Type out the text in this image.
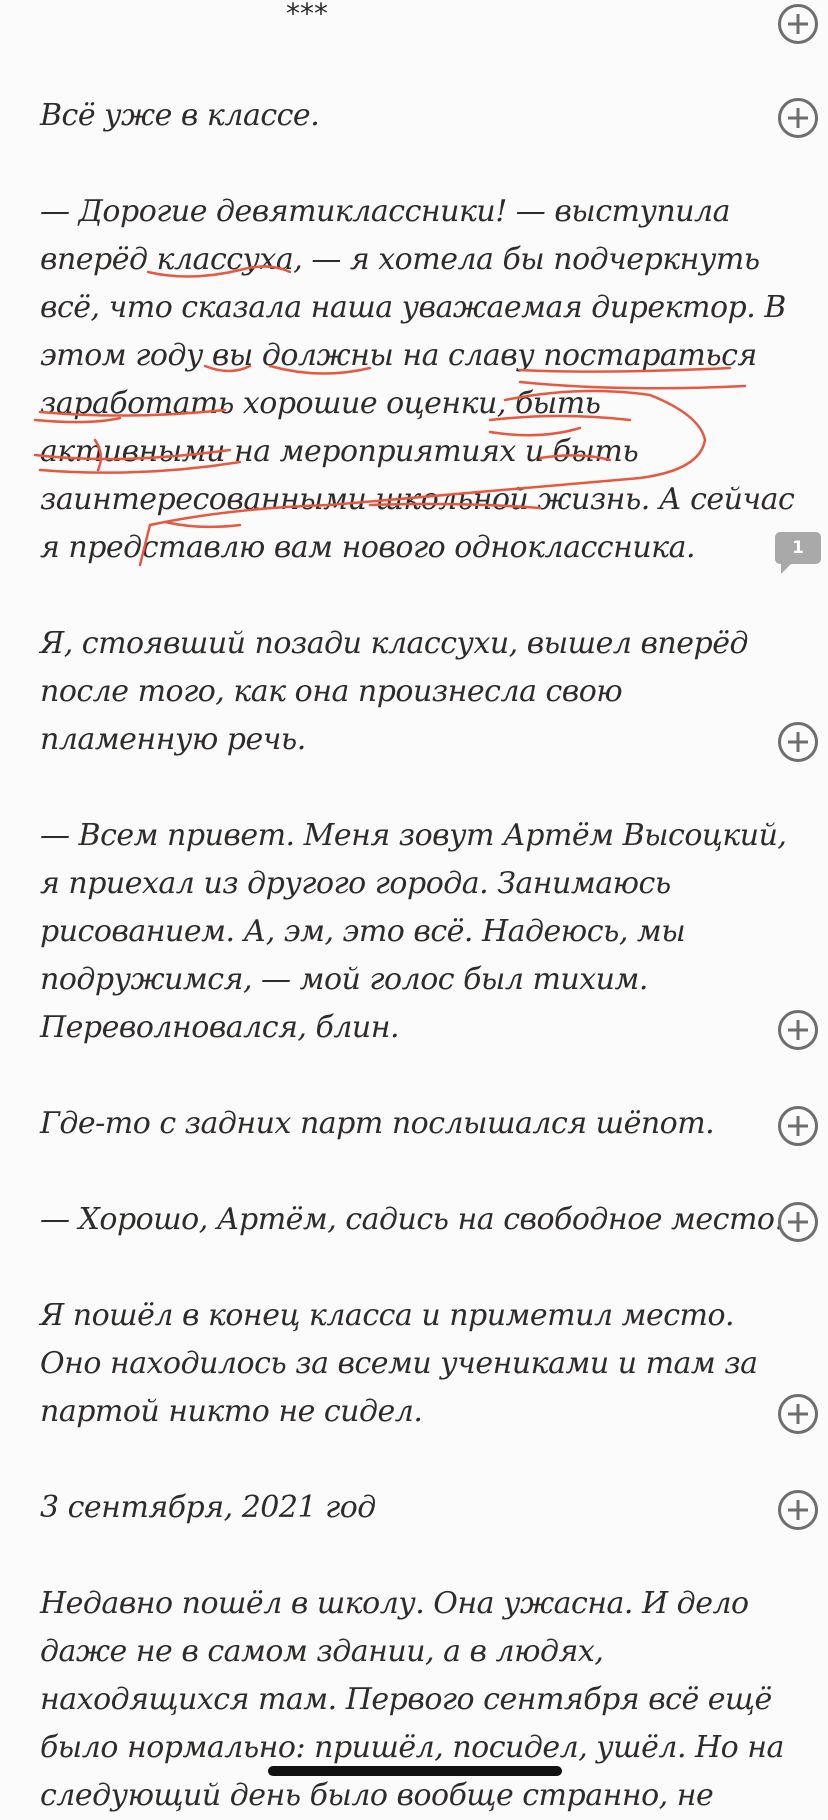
***

Всё уже в классе.

— Дорогие девятиклассники! — выступила
вперёд классуха, — я хотела бы подчеркнуть
всё, что сказала наша уважаемая директор. В
этом году вы должны на славу постараться
заработать хорошие оценки, быть
активными на мероприятиях и быть
заинтересованными школьной жизнь. А сейчас
я представлю вам нового одноклассника.	1

Я, стоявший позади классухи, вышел вперёд
после того, как она произнесла свою
пламенную речь.

— Всем привет. Меня зовут Артём Высоцкий,
я приехал из другого города. Занимаюсь
рисованием. А, эм, это всё. Надеюсь, мы
подружимся, — мой голос был тихим.
Переволновался, блин.

Где-то с задних парт послышался шёпот.

— Хорошо, Артём, садись на свободное место.

Я пошёл в конец класса и приметил место.
Оно находилось за всеми учениками и там за
партой никто не сидел.

3 сентября, 2021 год

Недавно пошёл в школу. Она ужасна. И дело
даже не в самом здании, а в людях,
находящихся там. Первого сентября всё ещё
было нормально: пришёл, посидел, ушёл. Но на
следующий день было вообще странно, не
